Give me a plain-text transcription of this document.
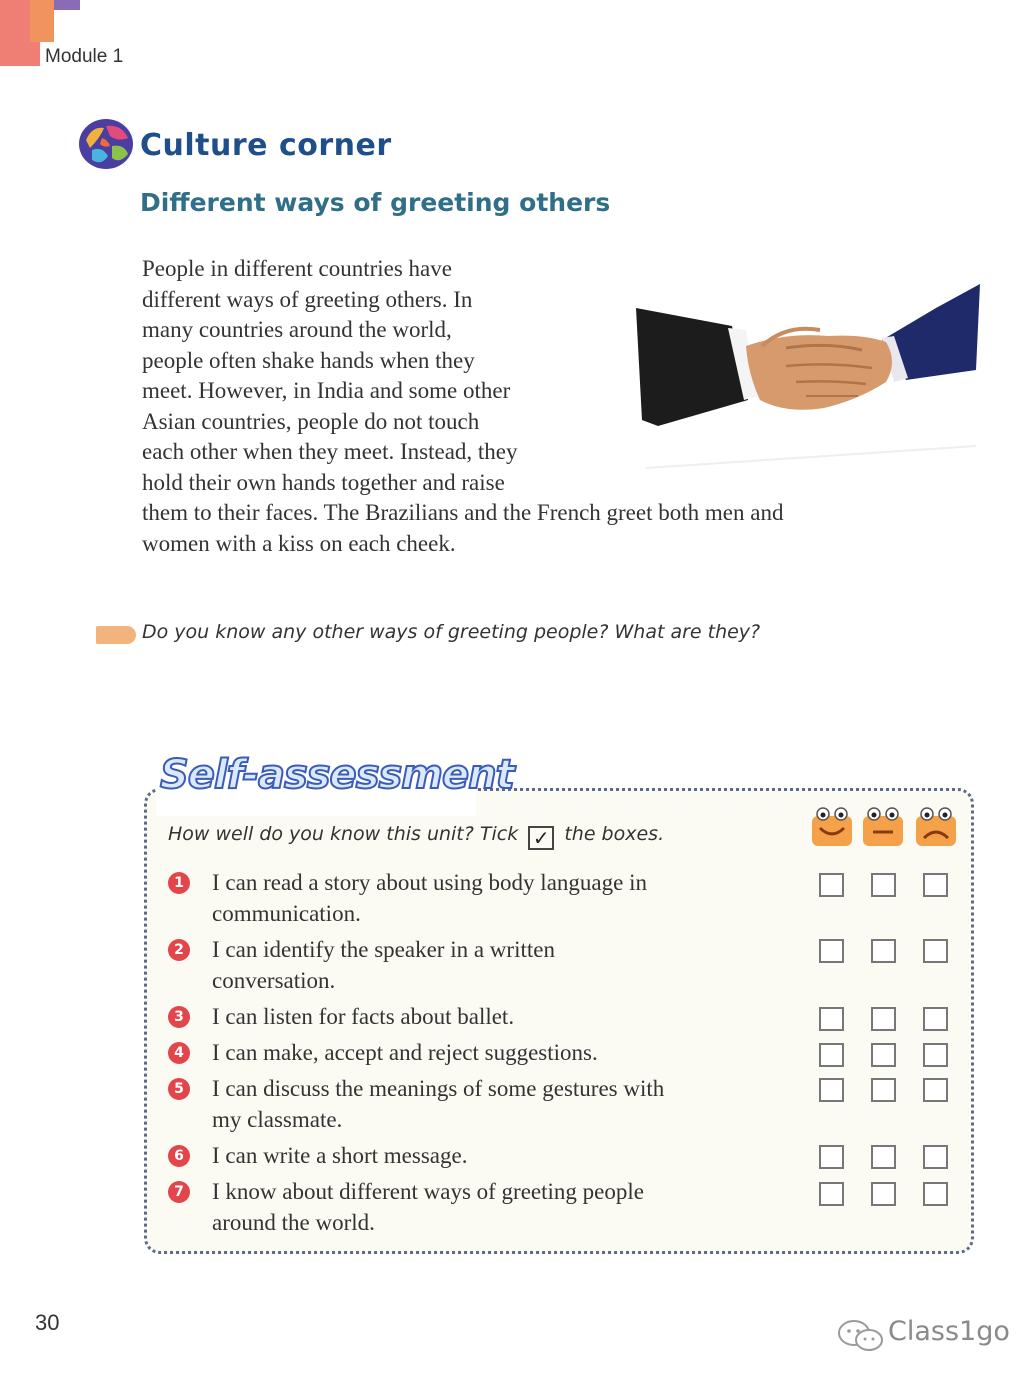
Module 1
Culture corner
Different ways of greeting others
People in different countries have
different ways of greeting others. In
many countries around the world,
people often shake hands when they
meet. However, in India and some other
Asian countries, people do not touch
each other when they meet. Instead, they
hold their own hands together and raise
them to their faces. The Brazilians and the French greet both men and
women with a kiss on each cheek.
Do you know any other ways of greeting people? What are they?
Self-assessment
How well do you know this unit? Tick ✓ the boxes.
1 I can read a story about using body language in
communication.
2 I can identify the speaker in a written
conversation.
3 I can listen for facts about ballet.
4 I can make, accept and reject suggestions.
5 I can discuss the meanings of some gestures with
my classmate.
6 I can write a short message.
7 I know about different ways of greeting people
around the world.
30	Class1go
